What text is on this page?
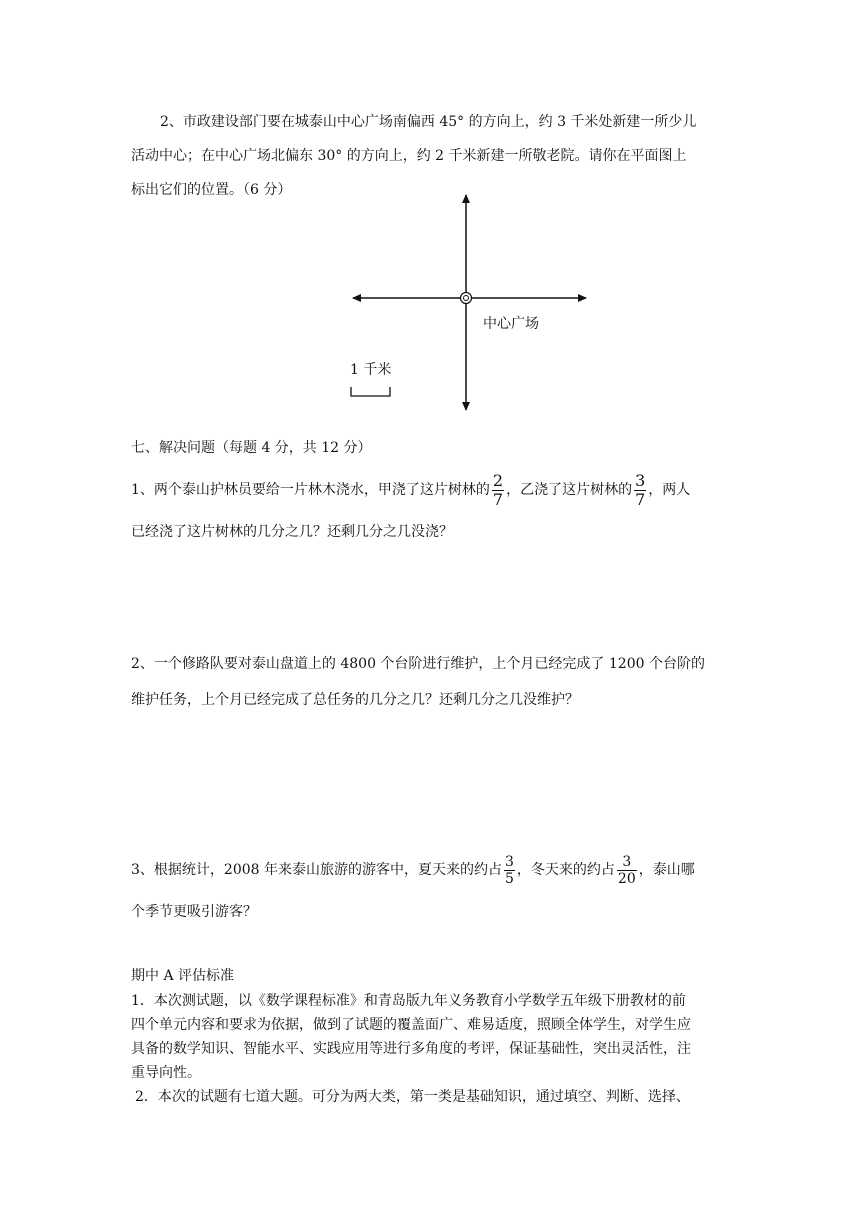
2、市政建设部门要在城泰山中心广场南偏西 45° 的方向上，约 3 千米处新建一所少儿
活动中心；在中心广场北偏东 30° 的方向上，约 2 千米新建一所敬老院。请你在平面图上
标出它们的位置。（6 分）
中心广场
1 千米
七、解决问题（每题 4 分，共 12 分）
1、两个泰山护林员要给一片林木浇水，甲浇了这片树林的 $\frac{2}{7}$ ，乙浇了这片树林的 $\frac{3}{7}$ ，两人
已经浇了这片树林的几分之几？还剩几分之几没浇？
2、一个修路队要对泰山盘道上的 4800 个台阶进行维护，上个月已经完成了 1200 个台阶的
维护任务，上个月已经完成了总任务的几分之几？还剩几分之几没维护？
3、根据统计，2008 年来泰山旅游的游客中，夏天来的约占 $\frac{3}{5}$ ，冬天来的约占 $\frac{3}{20}$ ，泰山哪
个季节更吸引游客？
期中 A 评估标准
1．本次测试题，以《数学课程标准》和青岛版九年义务教育小学数学五年级下册教材的前
四个单元内容和要求为依据，做到了试题的覆盖面广、难易适度，照顾全体学生，对学生应
具备的数学知识、智能水平、实践应用等进行多角度的考评，保证基础性，突出灵活性，注
重导向性。
2．本次的试题有七道大题。可分为两大类，第一类是基础知识，通过填空、判断、选择、
